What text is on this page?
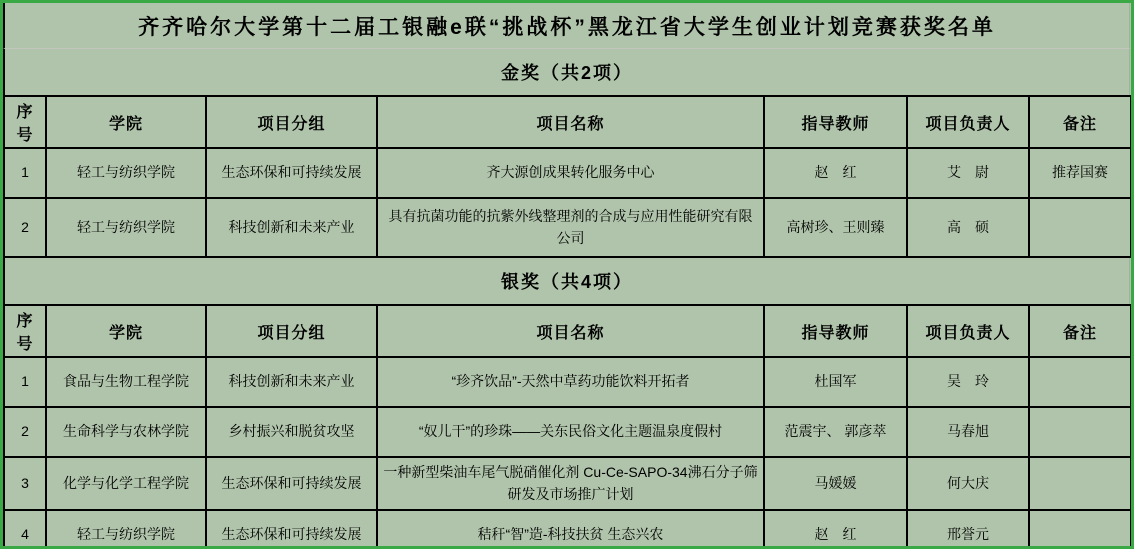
齐齐哈尔大学第十二届工银融e联“挑战杯”黑龙江省大学生创业计划竞赛获奖名单
金奖（共2项）
序号	学院	项目分组	项目名称	指导教师	项目负责人	备注
1	轻工与纺织学院	生态环保和可持续发展	齐大源创成果转化服务中心	赵　红	艾　尉	推荐国赛
2	轻工与纺织学院	科技创新和未来产业	具有抗菌功能的抗紫外线整理剂的合成与应用性能研究有限公司	高树珍、王则臻	高　硕	
银奖（共4项）
序号	学院	项目分组	项目名称	指导教师	项目负责人	备注
1	食品与生物工程学院	科技创新和未来产业	“珍齐饮品”-天然中草药功能饮料开拓者	杜国军	吴　玲	
2	生命科学与农林学院	乡村振兴和脱贫攻坚	“奴儿干”的珍珠——关东民俗文化主题温泉度假村	范震宇、 郭彦萃	马春旭	
3	化学与化学工程学院	生态环保和可持续发展	一种新型柴油车尾气脱硝催化剂 Cu-Ce-SAPO-34沸石分子筛研发及市场推广计划	马媛媛	何大庆	
4	轻工与纺织学院	生态环保和可持续发展	秸秆“智”造-科技扶贫 生态兴农	赵　红	邢誉元	
